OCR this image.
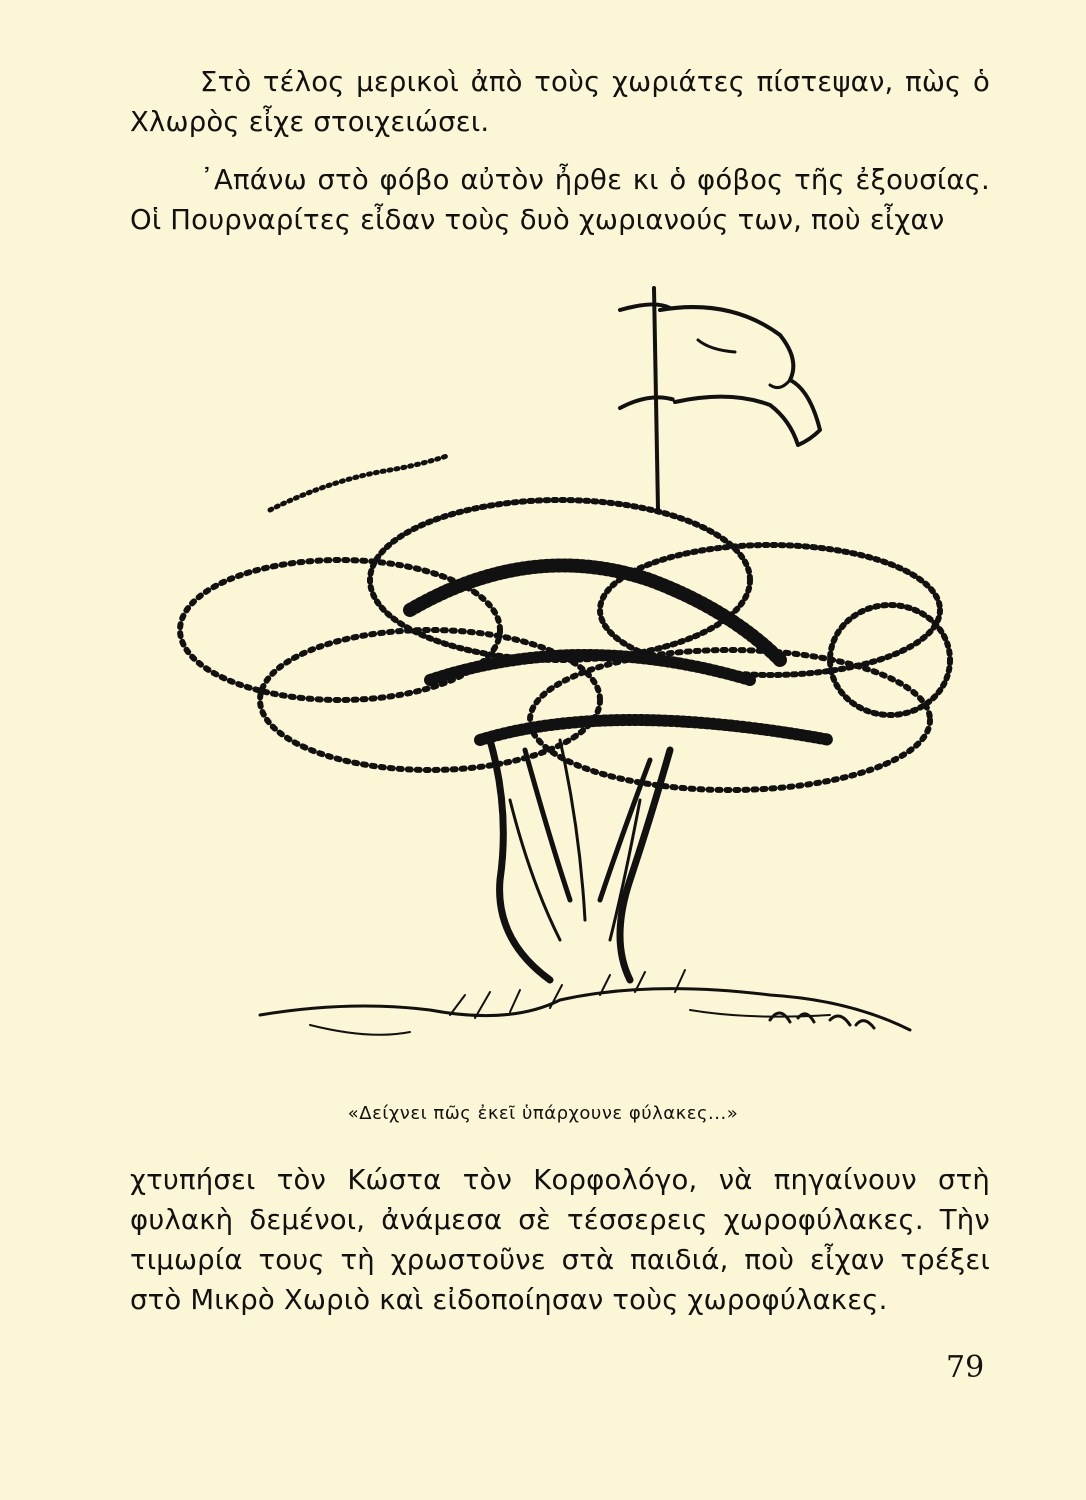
Στὸ τέλος μερικοὶ ἀπὸ τοὺς χωριάτες πίστεψαν, πὼς ὁ Χλωρὸς εἶχε στοιχειώσει.

᾿Απάνω στὸ φόβο αὐτὸν ἦρθε κι ὁ φόβος τῆς ἐξουσίας. Οἱ Πουρναρίτες εἶδαν τοὺς δυὸ χωριανούς των, ποὺ εἶχαν

«Δείχνει πῶς ἐκεῖ ὑπάρχουνε φύλακες...»

χτυπήσει τὸν Κώστα τὸν Κορφολόγο, νὰ πηγαίνουν στὴ φυλακὴ δεμένοι, ἀνάμεσα σὲ τέσσερεις χωροφύλακες. Τὴν τιμωρία τους τὴ χρωστοῦνε στὰ παιδιά, ποὺ εἶχαν τρέξει στὸ Μικρὸ Χωριὸ καὶ εἰδοποίησαν τοὺς χωροφύλακες.

79
